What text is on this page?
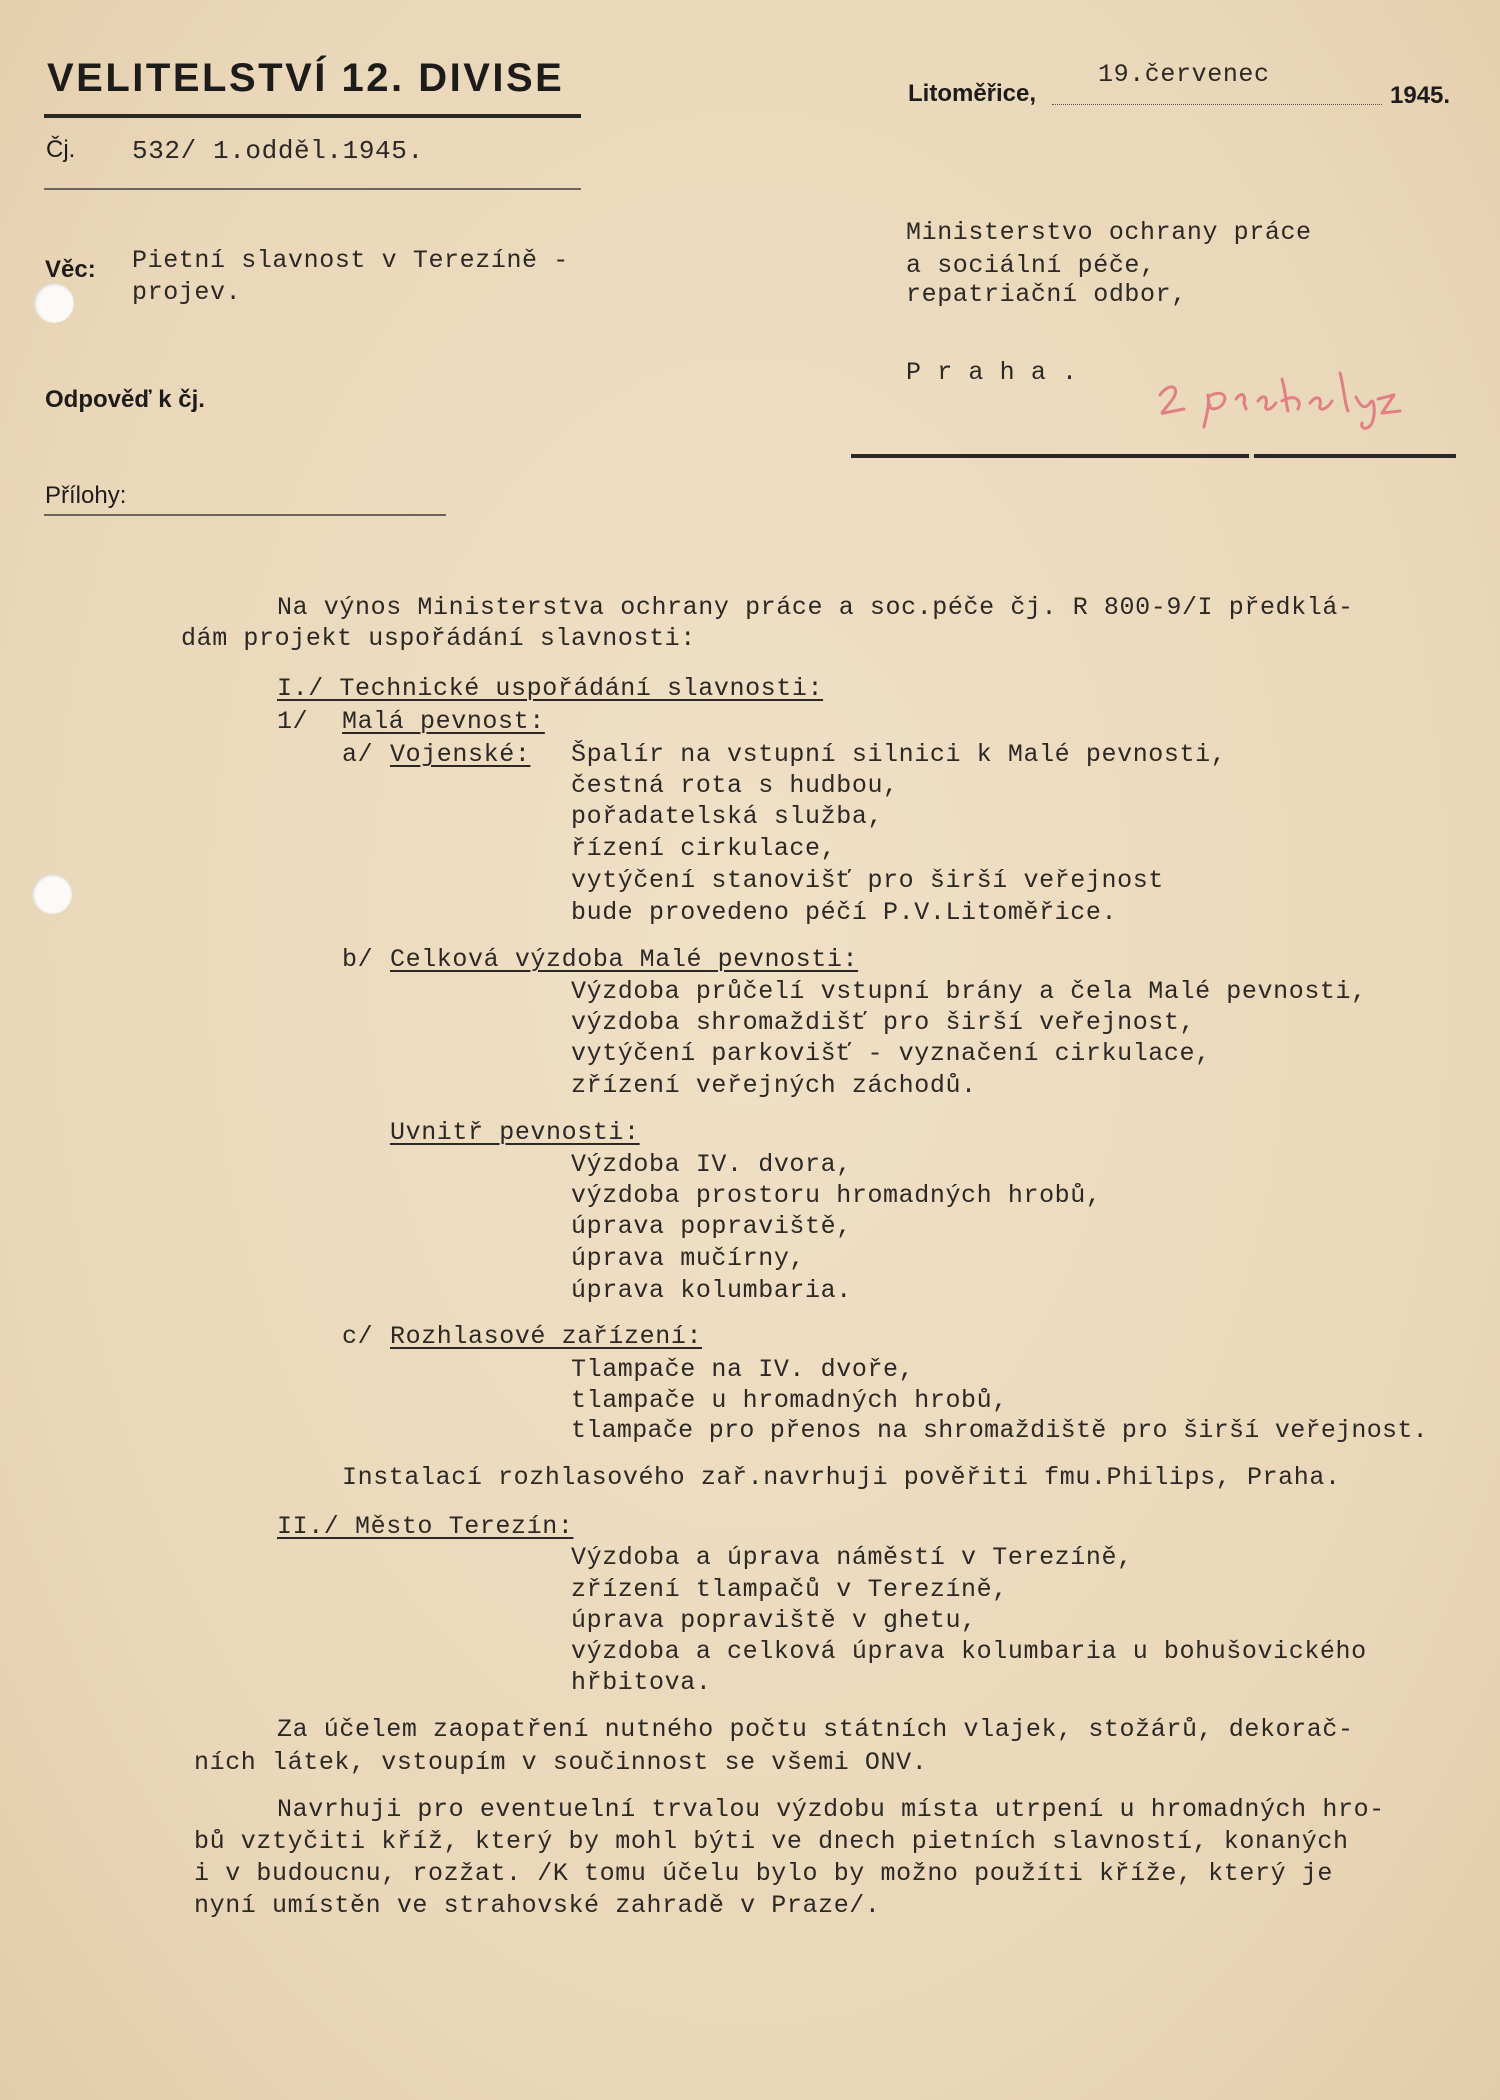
VELITELSTVÍ 12. DIVISE
Čj. 532/ 1.odděl.1945.
Litoměřice,
19.červenec
1945.
Věc: Pietní slavnost v Terezíně -
projev.
Odpověď k čj.
Přílohy:
Ministerstvo ochrany práce
a sociální péče,
repatriační odbor,
P r a h a .
Na výnos Ministerstva ochrany práce a soc.péče čj. R 800-9/I předklá-
dám projekt uspořádání slavnosti:
I./ Technické uspořádání slavnosti:
1/ Malá pevnost:
a/ Vojenské: Špalír na vstupní silnici k Malé pevnosti,
čestná rota s hudbou,
pořadatelská služba,
řízení cirkulace,
vytýčení stanovišť pro širší veřejnost
bude provedeno péčí P.V.Litoměřice.
b/ Celková výzdoba Malé pevnosti:
Výzdoba průčelí vstupní brány a čela Malé pevnosti,
výzdoba shromaždišť pro širší veřejnost,
vytýčení parkovišť - vyznačení cirkulace,
zřízení veřejných záchodů.
Uvnitř pevnosti:
Výzdoba IV. dvora,
výzdoba prostoru hromadných hrobů,
úprava popraviště,
úprava mučírny,
úprava kolumbaria.
c/ Rozhlasové zařízení:
Tlampače na IV. dvoře,
tlampače u hromadných hrobů,
tlampače pro přenos na shromaždiště pro širší veřejnost.
Instalací rozhlasového zař.navrhuji pověřiti fmu.Philips, Praha.
II./ Město Terezín:
Výzdoba a úprava náměstí v Terezíně,
zřízení tlampačů v Terezíně,
úprava popraviště v ghetu,
výzdoba a celková úprava kolumbaria u bohušovického
hřbitova.
Za účelem zaopatření nutného počtu státních vlajek, stožárů, dekorač-
ních látek, vstoupím v součinnost se všemi ONV.
Navrhuji pro eventuelní trvalou výzdobu místa utrpení u hromadných hro-
bů vztyčiti kříž, který by mohl býti ve dnech pietních slavností, konaných
i v budoucnu, rozžat. /K tomu účelu bylo by možno použíti kříže, který je
nyní umístěn ve strahovské zahradě v Praze/.
